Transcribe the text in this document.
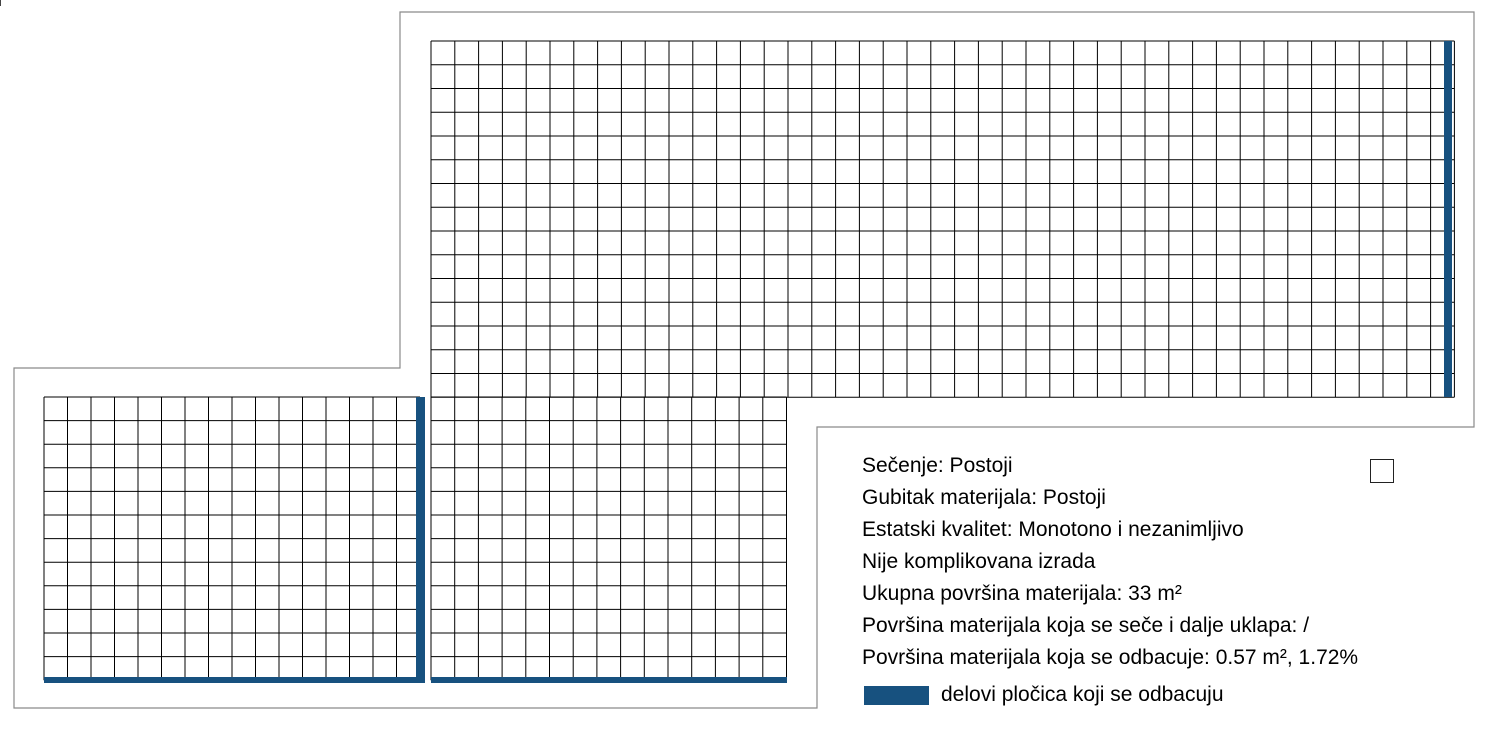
Sečenje: Postoji
Gubitak materijala: Postoji
Estatski kvalitet: Monotono i nezanimljivo
Nije komplikovana izrada
Ukupna površina materijala: 33 m²
Površina materijala koja se seče i dalje uklapa: /
Površina materijala koja se odbacuje: 0.57 m², 1.72%
delovi pločica koji se odbacuju
